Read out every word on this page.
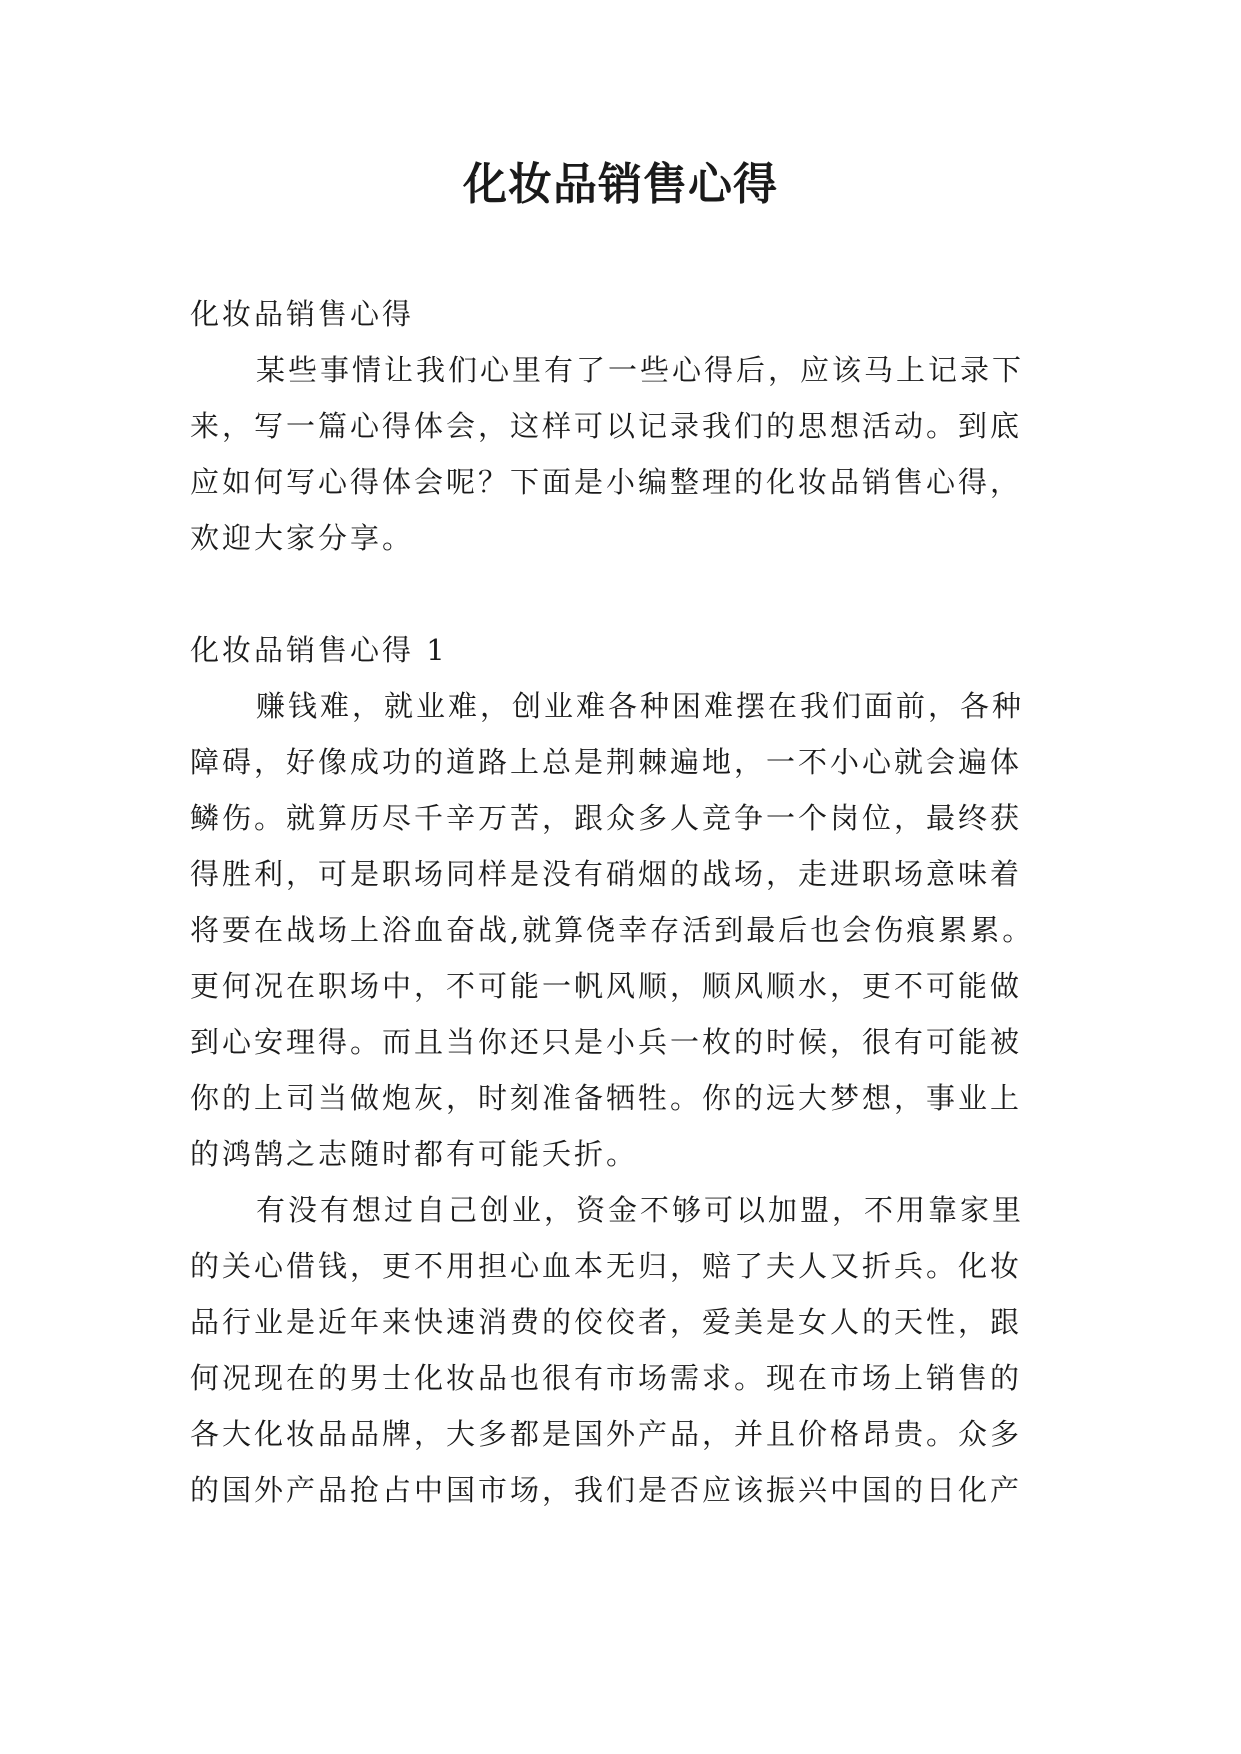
化妆品销售心得
化妆品销售心得
某些事情让我们心里有了一些心得后，应该马上记录下
来，写一篇心得体会，这样可以记录我们的思想活动。到底
应如何写心得体会呢？下面是小编整理的化妆品销售心得，
欢迎大家分享。
化妆品销售心得 1
赚钱难，就业难，创业难各种困难摆在我们面前，各种
障碍，好像成功的道路上总是荆棘遍地，一不小心就会遍体
鳞伤。就算历尽千辛万苦，跟众多人竞争一个岗位，最终获
得胜利，可是职场同样是没有硝烟的战场，走进职场意味着
将要在战场上浴血奋战,就算侥幸存活到最后也会伤痕累累。
更何况在职场中，不可能一帆风顺，顺风顺水，更不可能做
到心安理得。而且当你还只是小兵一枚的时候，很有可能被
你的上司当做炮灰，时刻准备牺牲。你的远大梦想，事业上
的鸿鹄之志随时都有可能夭折。
有没有想过自己创业，资金不够可以加盟，不用靠家里
的关心借钱，更不用担心血本无归，赔了夫人又折兵。化妆
品行业是近年来快速消费的佼佼者，爱美是女人的天性，跟
何况现在的男士化妆品也很有市场需求。现在市场上销售的
各大化妆品品牌，大多都是国外产品，并且价格昂贵。众多
的国外产品抢占中国市场，我们是否应该振兴中国的日化产
